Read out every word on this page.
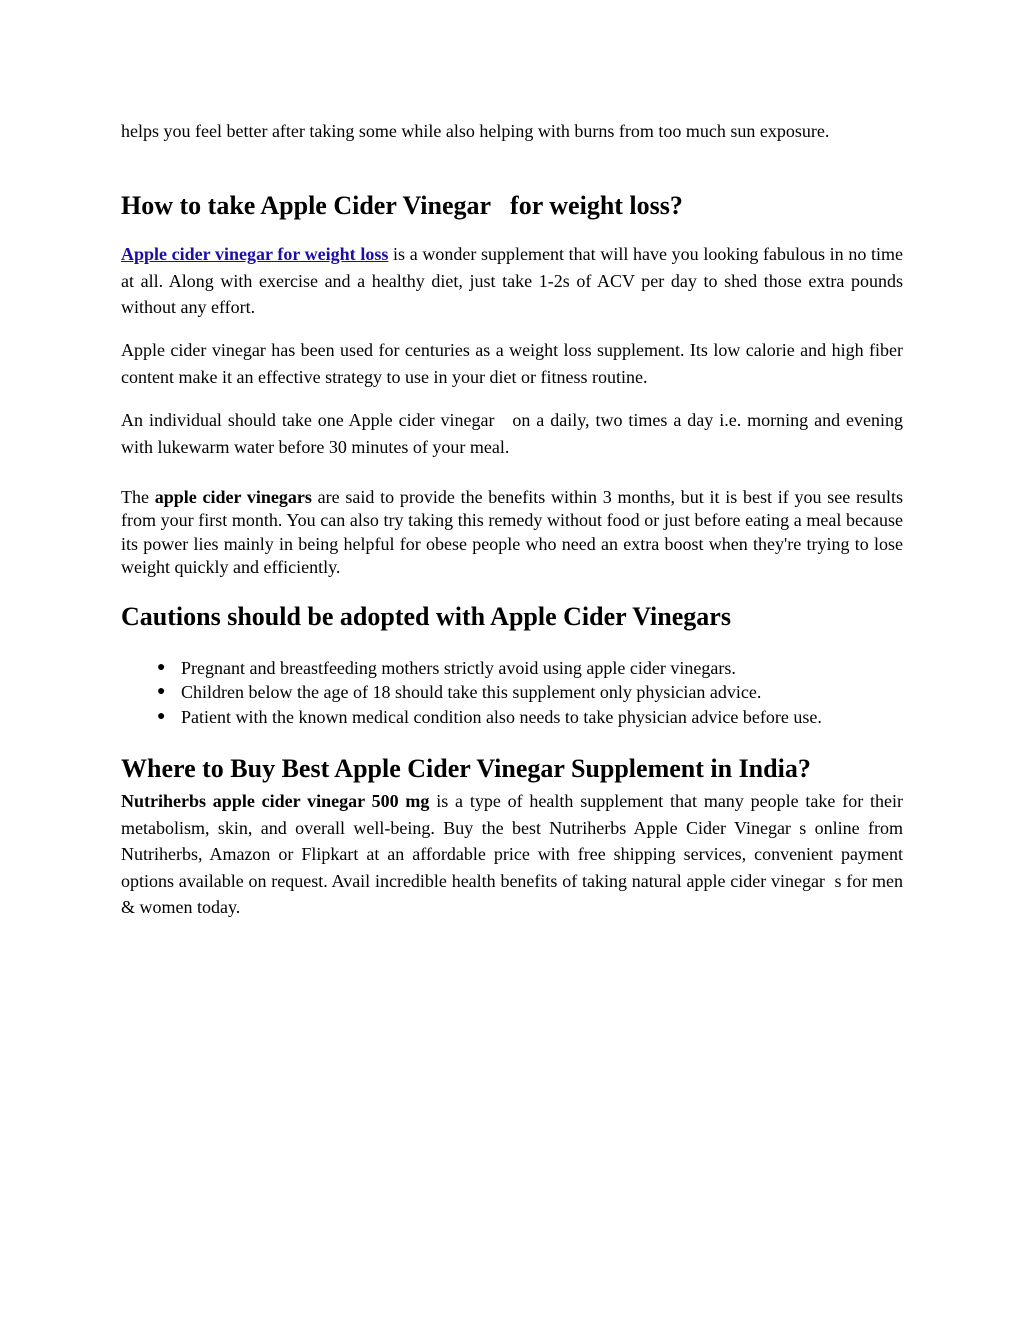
helps you feel better after taking some while also helping with burns from too much sun exposure.

How to take Apple Cider Vinegar   for weight loss?

Apple cider vinegar for weight loss is a wonder supplement that will have you looking fabulous in no time at all. Along with exercise and a healthy diet, just take 1-2s of ACV per day to shed those extra pounds without any effort.

Apple cider vinegar has been used for centuries as a weight loss supplement. Its low calorie and high fiber content make it an effective strategy to use in your diet or fitness routine.

An individual should take one Apple cider vinegar   on a daily, two times a day i.e. morning and evening with lukewarm water before 30 minutes of your meal.

The apple cider vinegars are said to provide the benefits within 3 months, but it is best if you see results from your first month. You can also try taking this remedy without food or just before eating a meal because its power lies mainly in being helpful for obese people who need an extra boost when they're trying to lose weight quickly and efficiently.

Cautions should be adopted with Apple Cider Vinegars
● Pregnant and breastfeeding mothers strictly avoid using apple cider vinegars.
● Children below the age of 18 should take this supplement only physician advice.
● Patient with the known medical condition also needs to take physician advice before use.
Where to Buy Best Apple Cider Vinegar Supplement in India?

Nutriherbs apple cider vinegar 500 mg is a type of health supplement that many people take for their metabolism, skin, and overall well-being. Buy the best Nutriherbs Apple Cider Vinegar s online from Nutriherbs, Amazon or Flipkart at an affordable price with free shipping services, convenient payment options available on request. Avail incredible health benefits of taking natural apple cider vinegar  s for men & women today.
